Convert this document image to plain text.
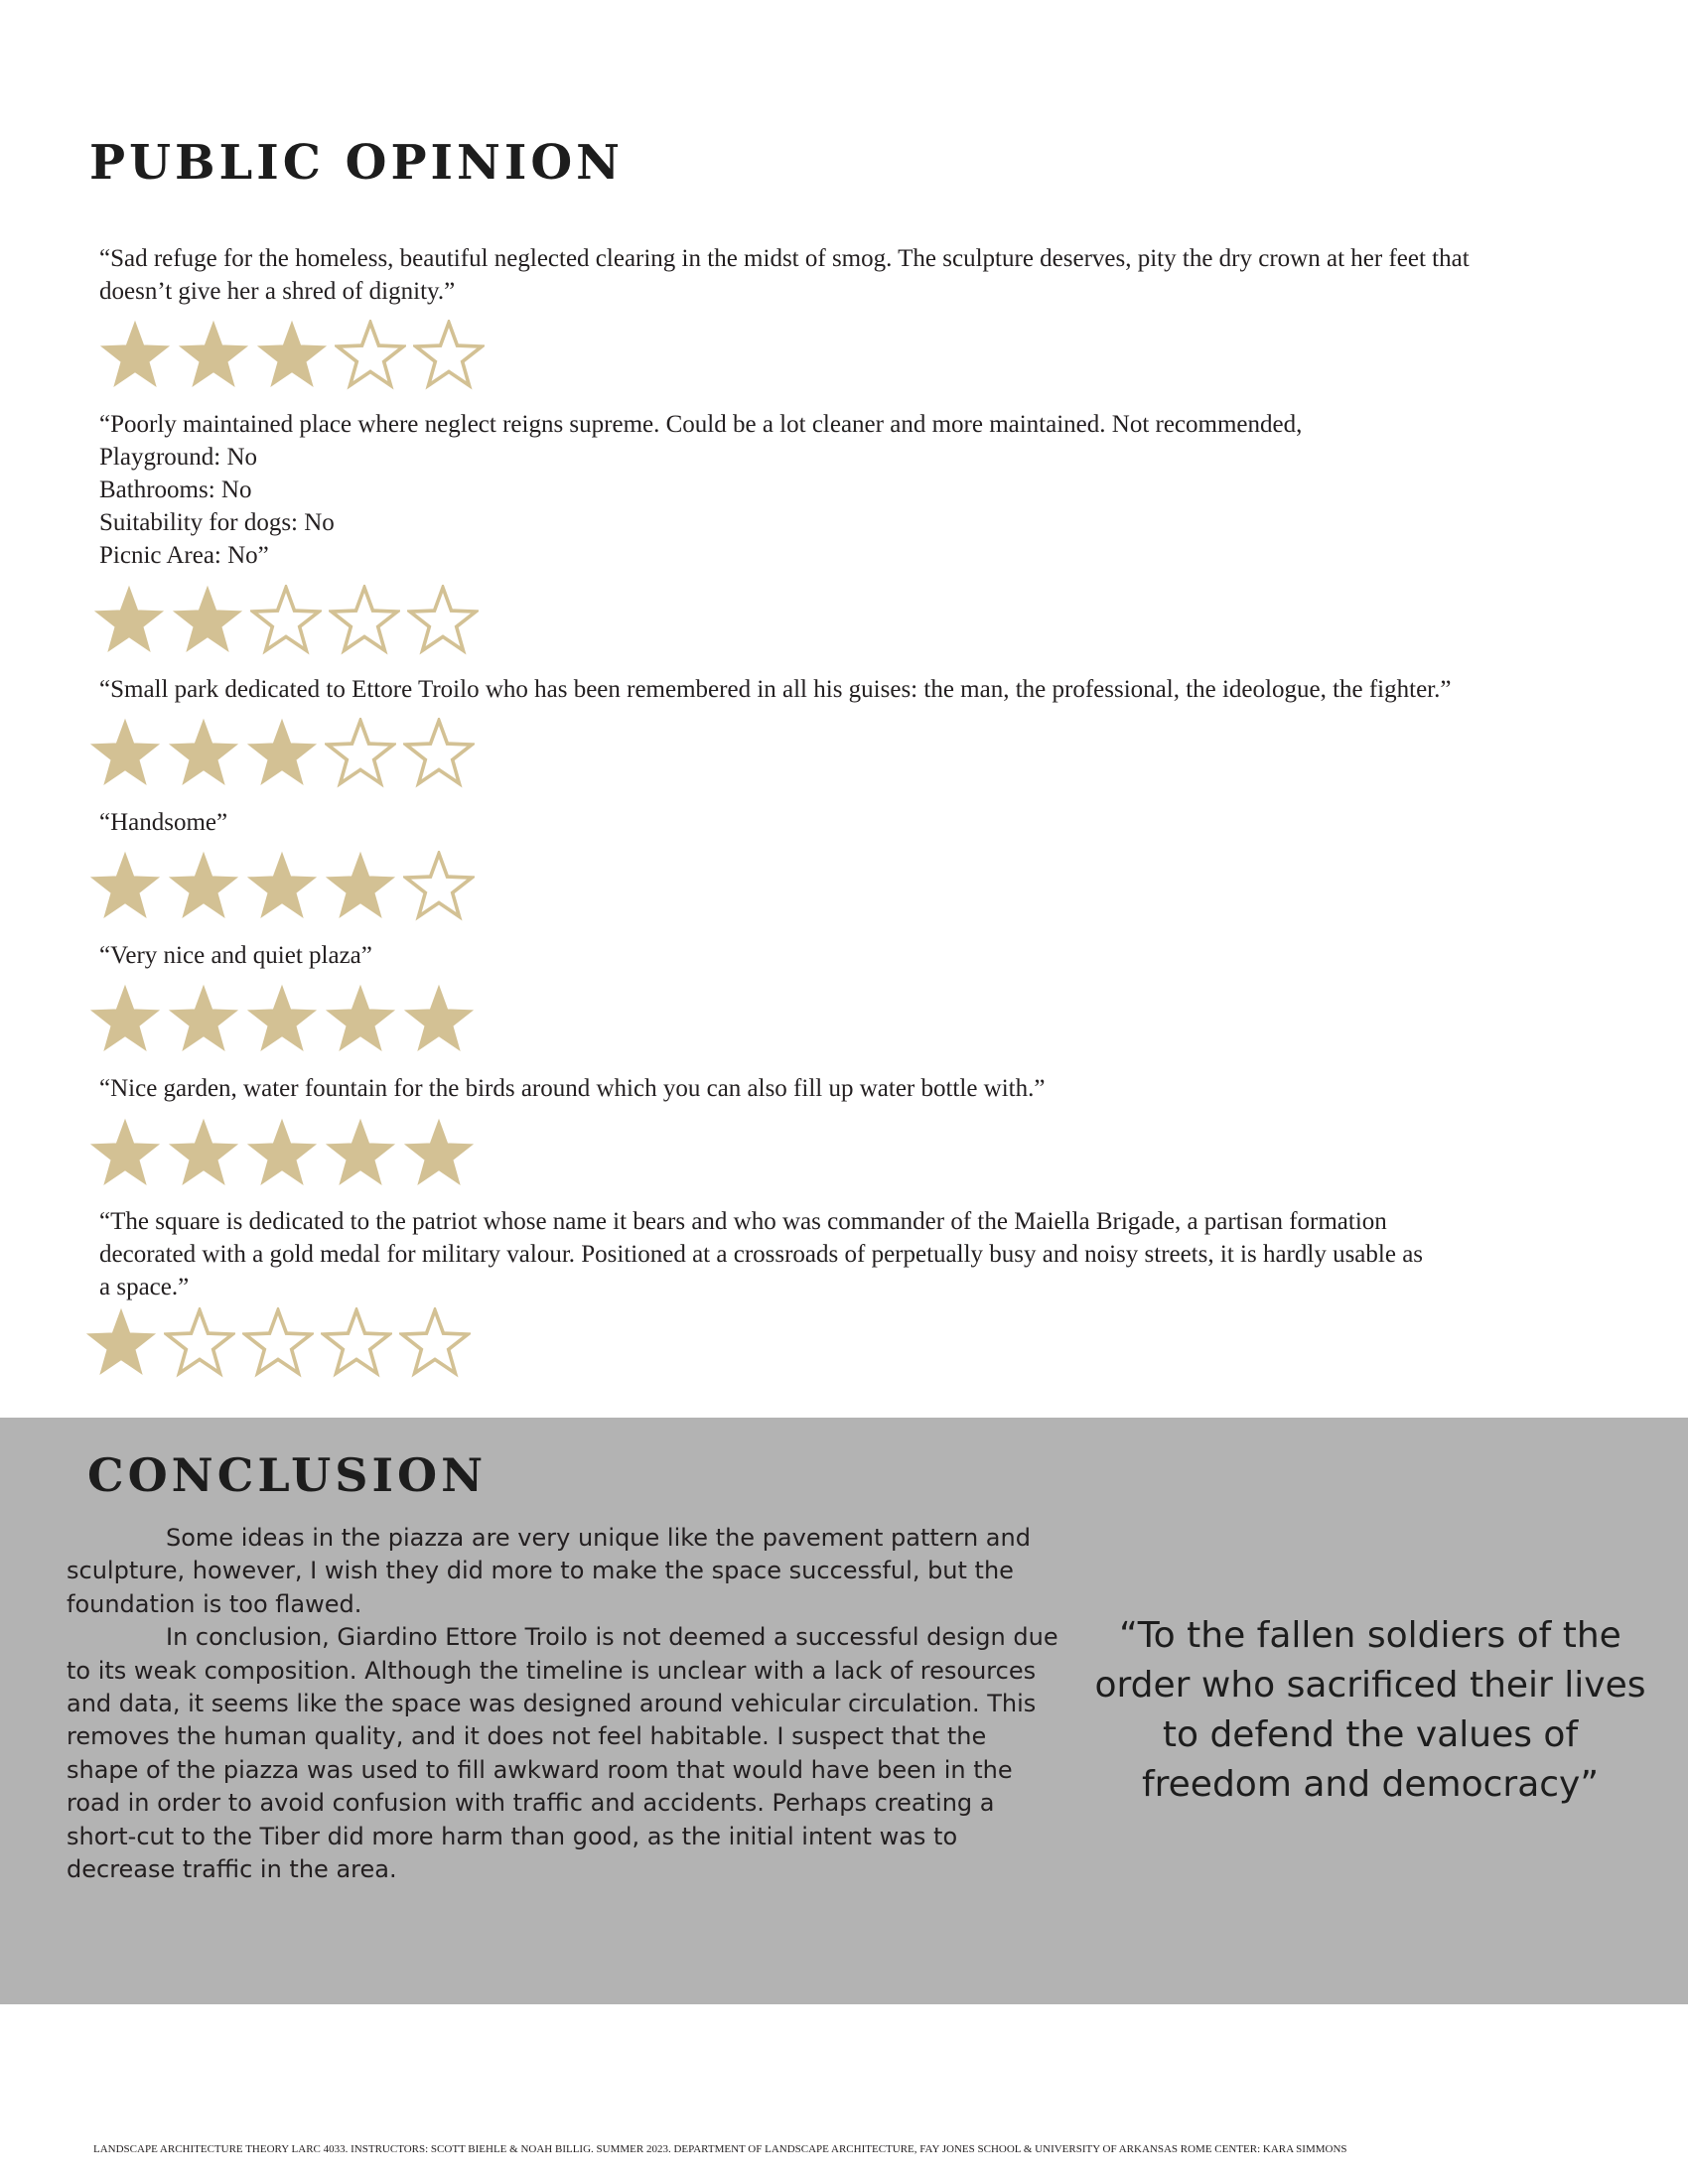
PUBLIC OPINION

“Sad refuge for the homeless, beautiful neglected clearing in the midst of smog. The sculpture deserves, pity the dry crown at her feet that
doesn’t give her a shred of dignity.”

“Poorly maintained place where neglect reigns supreme. Could be a lot cleaner and more maintained. Not recommended,
Playground: No
Bathrooms: No
Suitability for dogs: No
Picnic Area: No”

“Small park dedicated to Ettore Troilo who has been remembered in all his guises: the man, the professional, the ideologue, the fighter.”

“Handsome”

“Very nice and quiet plaza”

“Nice garden, water fountain for the birds around which you can also fill up water bottle with.”

“The square is dedicated to the patriot whose name it bears and who was commander of the Maiella Brigade, a partisan formation
decorated with a gold medal for military valour. Positioned at a crossroads of perpetually busy and noisy streets, it is hardly usable as
a space.”

CONCLUSION

Some ideas in the piazza are very unique like the pavement pattern and sculpture, however, I wish they did more to make the space successful, but the foundation is too flawed.

In conclusion, Giardino Ettore Troilo is not deemed a successful design due to its weak composition. Although the timeline is unclear with a lack of resources and data, it seems like the space was designed around vehicular circulation. This removes the human quality, and it does not feel habitable. I suspect that the shape of the piazza was used to fill awkward room that would have been in the road in order to avoid confusion with traffic and accidents. Perhaps creating a short-cut to the Tiber did more harm than good, as the initial intent was to decrease traffic in the area.

“To the fallen soldiers of the order who sacrificed their lives to defend the values of freedom and democracy”
LANDSCAPE ARCHITECTURE THEORY LARC 4033. INSTRUCTORS: SCOTT BIEHLE & NOAH BILLIG. SUMMER 2023. DEPARTMENT OF LANDSCAPE ARCHITECTURE, FAY JONES SCHOOL & UNIVERSITY OF ARKANSAS ROME CENTER: KARA SIMMONS
